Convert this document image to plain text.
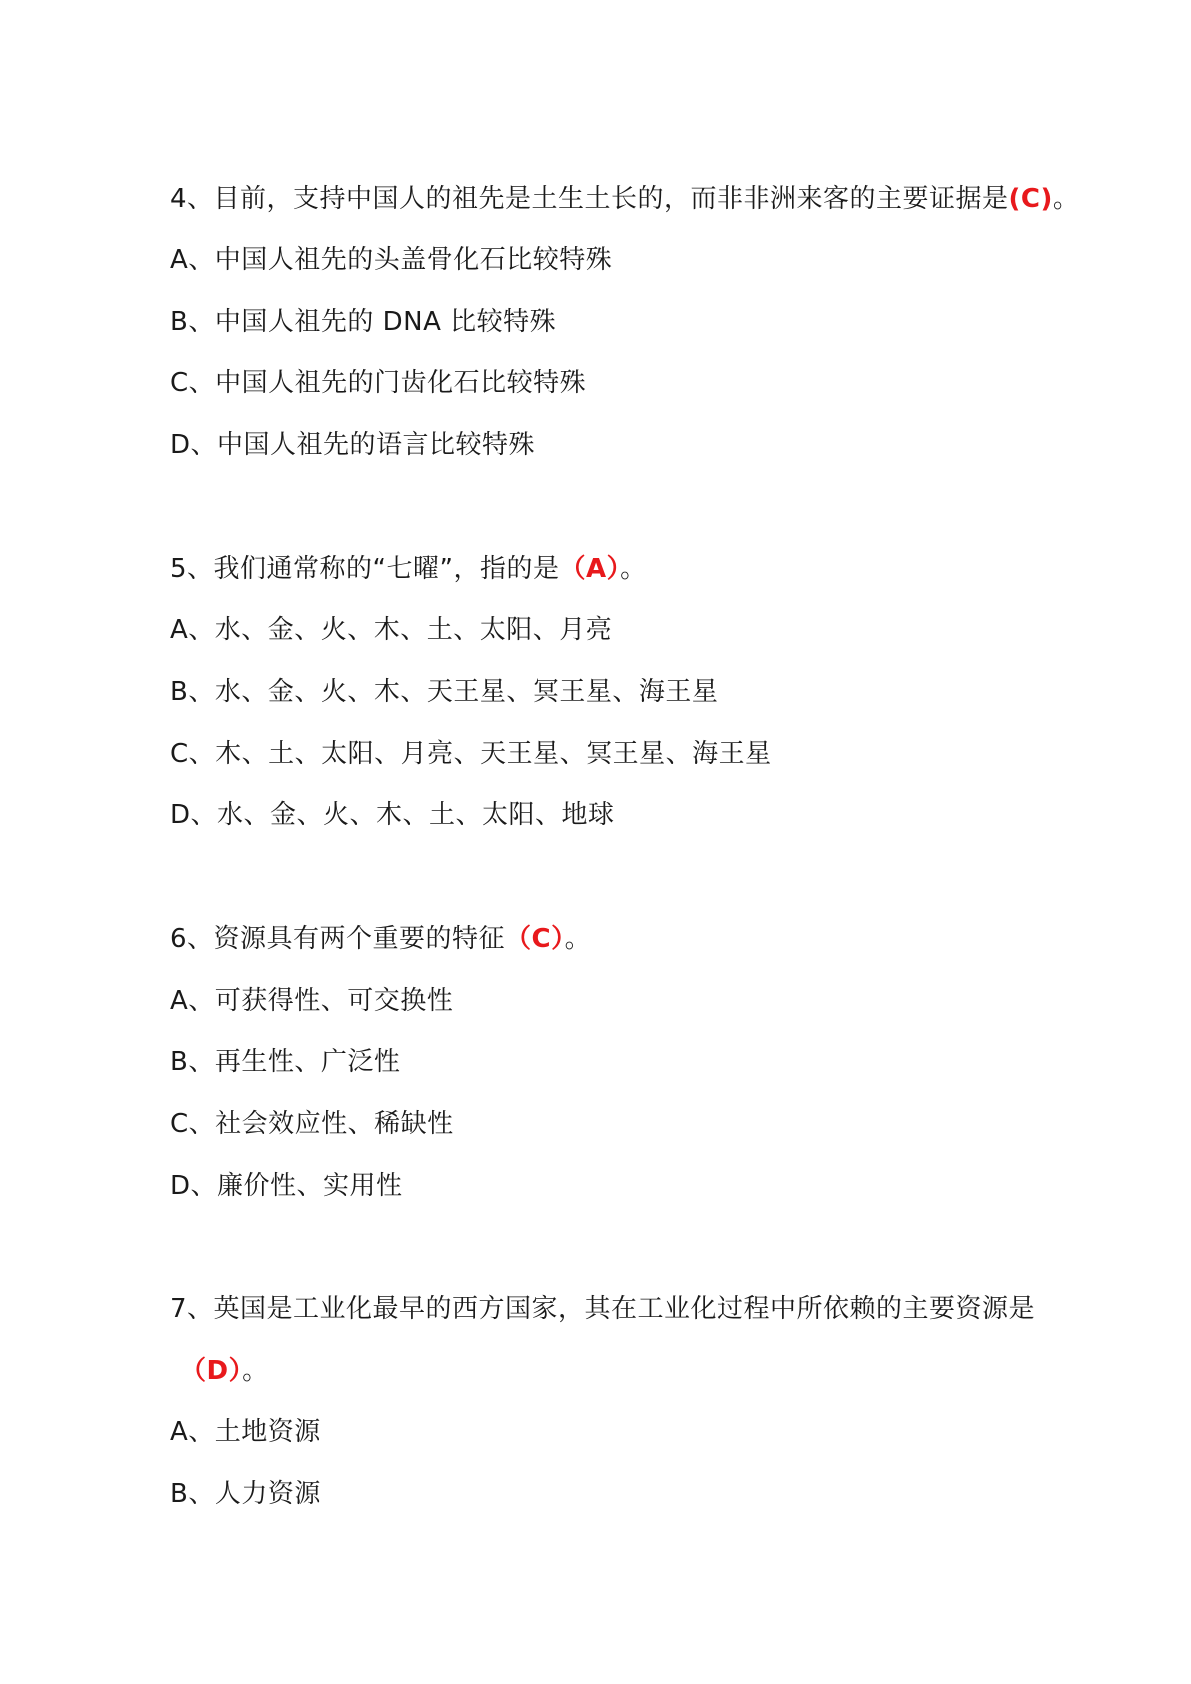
4、目前，支持中国人的祖先是土生土长的，而非非洲来客的主要证据是(C)。
A、中国人祖先的头盖骨化石比较特殊
B、中国人祖先的 DNA 比较特殊
C、中国人祖先的门齿化石比较特殊
D、中国人祖先的语言比较特殊
5、我们通常称的“七曜”，指的是（A）。
A、水、金、火、木、土、太阳、月亮
B、水、金、火、木、天王星、冥王星、海王星
C、木、土、太阳、月亮、天王星、冥王星、海王星
D、水、金、火、木、土、太阳、地球
6、资源具有两个重要的特征（C）。
A、可获得性、可交换性
B、再生性、广泛性
C、社会效应性、稀缺性
D、廉价性、实用性
7、英国是工业化最早的西方国家，其在工业化过程中所依赖的主要资源是
（D）。
A、土地资源
B、人力资源
